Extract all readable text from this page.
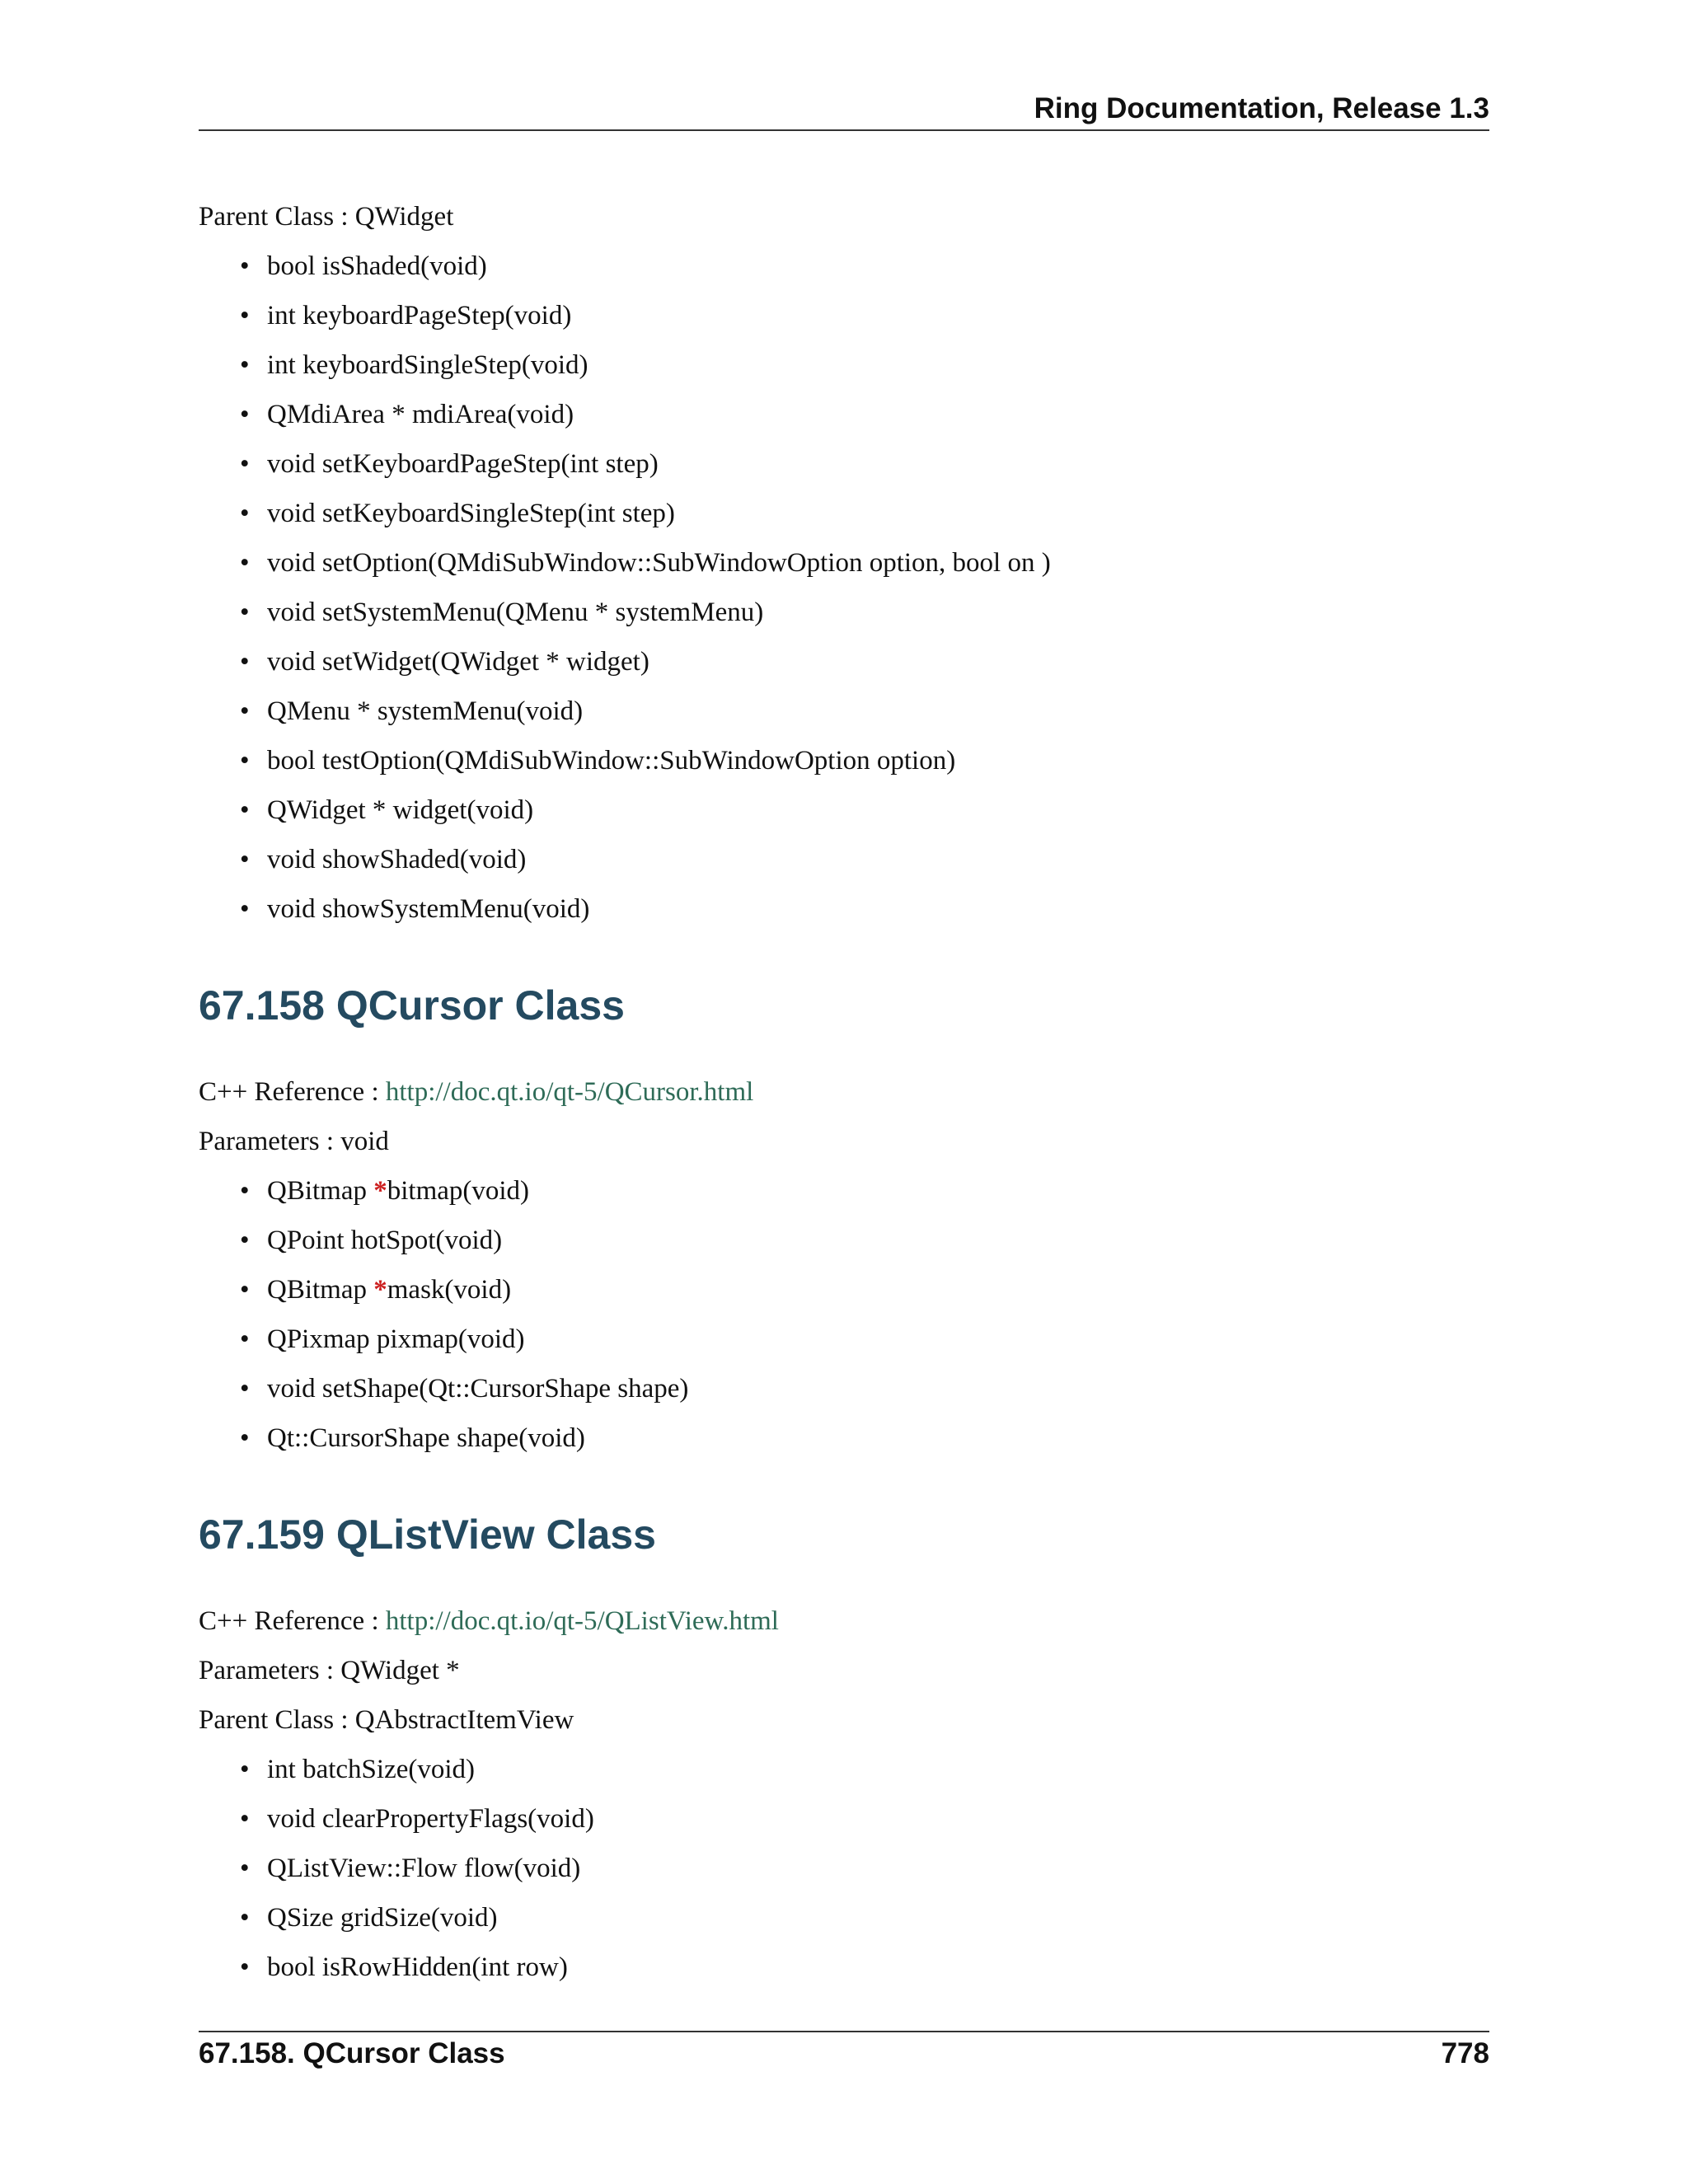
Ring Documentation, Release 1.3

Parent Class : QWidget

• bool isShaded(void)
• int keyboardPageStep(void)
• int keyboardSingleStep(void)
• QMdiArea * mdiArea(void)
• void setKeyboardPageStep(int step)
• void setKeyboardSingleStep(int step)
• void setOption(QMdiSubWindow::SubWindowOption option, bool on )
• void setSystemMenu(QMenu * systemMenu)
• void setWidget(QWidget * widget)
• QMenu * systemMenu(void)
• bool testOption(QMdiSubWindow::SubWindowOption option)
• QWidget * widget(void)
• void showShaded(void)
• void showSystemMenu(void)
67.158 QCursor Class

C++ Reference : http://doc.qt.io/qt-5/QCursor.html

Parameters : void

• QBitmap *bitmap(void)
• QPoint hotSpot(void)
• QBitmap *mask(void)
• QPixmap pixmap(void)
• void setShape(Qt::CursorShape shape)
• Qt::CursorShape shape(void)
67.159 QListView Class

C++ Reference : http://doc.qt.io/qt-5/QListView.html

Parameters : QWidget *

Parent Class : QAbstractItemView

• int batchSize(void)
• void clearPropertyFlags(void)
• QListView::Flow flow(void)
• QSize gridSize(void)
• bool isRowHidden(int row)
67.158. QCursor Class	778
